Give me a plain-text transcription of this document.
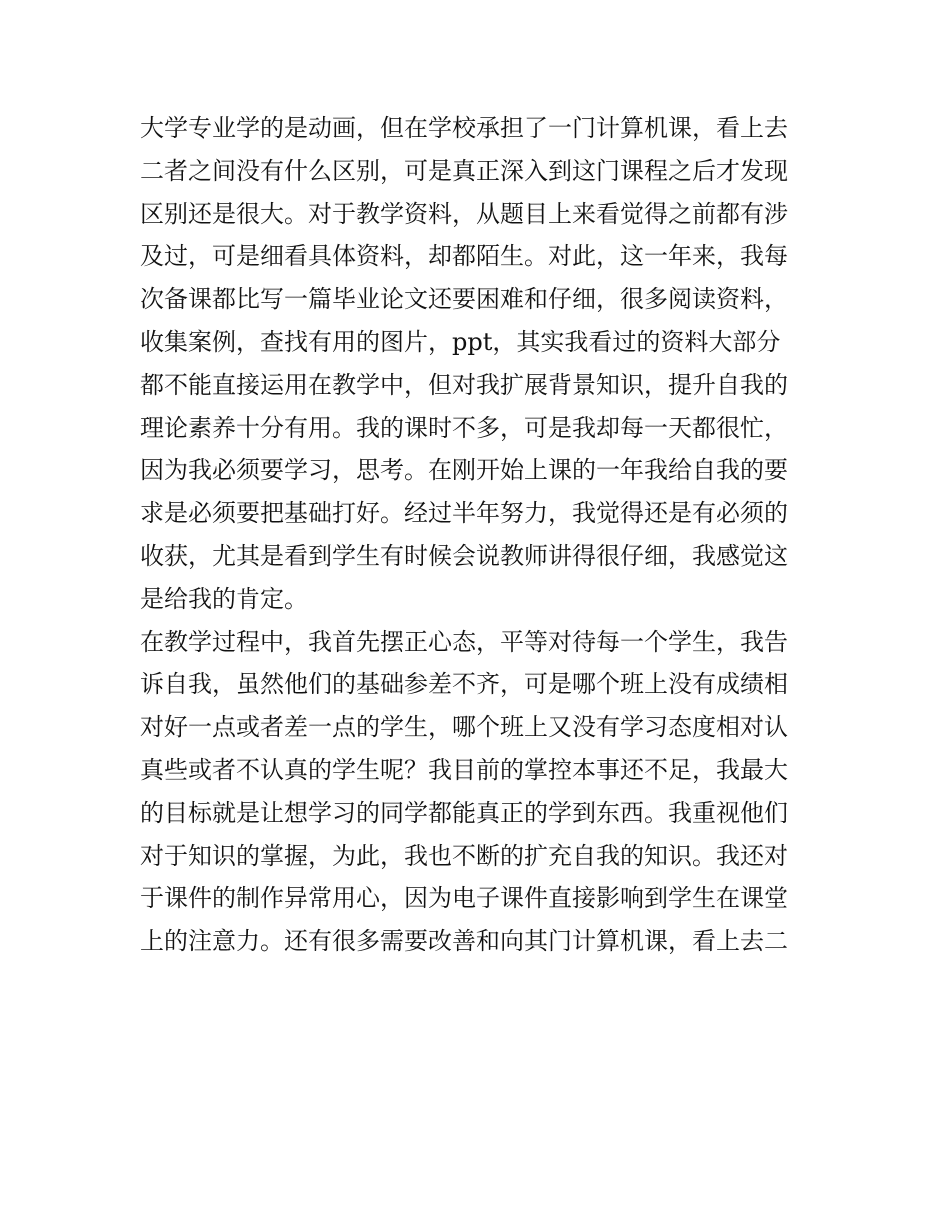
大学专业学的是动画，但在学校承担了一门计算机课，看上去
二者之间没有什么区别，可是真正深入到这门课程之后才发现
区别还是很大。对于教学资料，从题目上来看觉得之前都有涉
及过，可是细看具体资料，却都陌生。对此，这一年来，我每
次备课都比写一篇毕业论文还要困难和仔细，很多阅读资料，
收集案例，查找有用的图片，ppt，其实我看过的资料大部分
都不能直接运用在教学中，但对我扩展背景知识，提升自我的
理论素养十分有用。我的课时不多，可是我却每一天都很忙，
因为我必须要学习，思考。在刚开始上课的一年我给自我的要
求是必须要把基础打好。经过半年努力，我觉得还是有必须的
收获，尤其是看到学生有时候会说教师讲得很仔细，我感觉这
是给我的肯定。
在教学过程中，我首先摆正心态，平等对待每一个学生，我告
诉自我，虽然他们的基础参差不齐，可是哪个班上没有成绩相
对好一点或者差一点的学生，哪个班上又没有学习态度相对认
真些或者不认真的学生呢？我目前的掌控本事还不足，我最大
的目标就是让想学习的同学都能真正的学到东西。我重视他们
对于知识的掌握，为此，我也不断的扩充自我的知识。我还对
于课件的制作异常用心，因为电子课件直接影响到学生在课堂
上的注意力。还有很多需要改善和向其门计算机课，看上去二
